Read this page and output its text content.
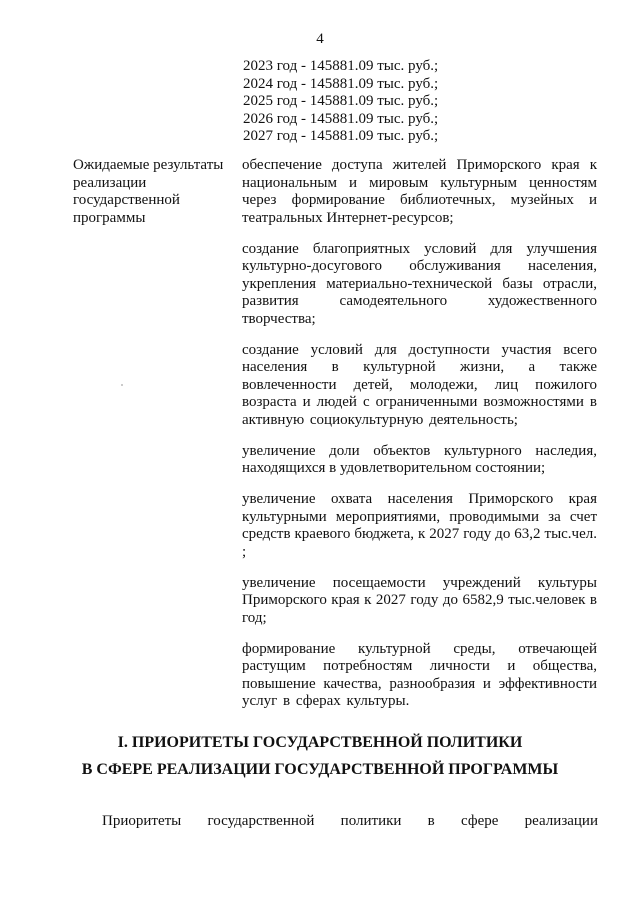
4
2023 год - 145881.09 тыс. руб.;
2024 год - 145881.09 тыс. руб.;
2025 год - 145881.09 тыс. руб.;
2026 год - 145881.09 тыс. руб.;
2027 год - 145881.09 тыс. руб.;
Ожидаемые результаты
реализации
государственной
программы

обеспечение доступа жителей Приморского края к национальным и мировым культурным ценностям через формирование библиотечных, музейных и театральных Интернет-ресурсов;

создание благоприятных условий для улучшения культурно-досугового обслуживания населения, укрепления материально-технической базы отрасли, развития самодеятельного художественного творчества;

создание условий для доступности участия всего населения в культурной жизни, а также вовлеченности детей, молодежи, лиц пожилого возраста и людей с ограниченными возможностями в активную социокультурную деятельность;

увеличение доли объектов культурного наследия, находящихся в удовлетворительном состоянии;

увеличение охвата населения Приморского края культурными мероприятиями, проводимыми за счет средств краевого бюджета, к 2027 году до 63,2 тыс.чел. ;

увеличение посещаемости учреждений культуры Приморского края к 2027 году до 6582,9 тыс.человек в год;

формирование культурной среды, отвечающей растущим потребностям личности и общества, повышение качества, разнообразия и эффективности услуг в сферах культуры.

I. ПРИОРИТЕТЫ ГОСУДАРСТВЕННОЙ ПОЛИТИКИ
В СФЕРЕ РЕАЛИЗАЦИИ ГОСУДАРСТВЕННОЙ ПРОГРАММЫ
Приоритеты государственной политики в сфере реализации
